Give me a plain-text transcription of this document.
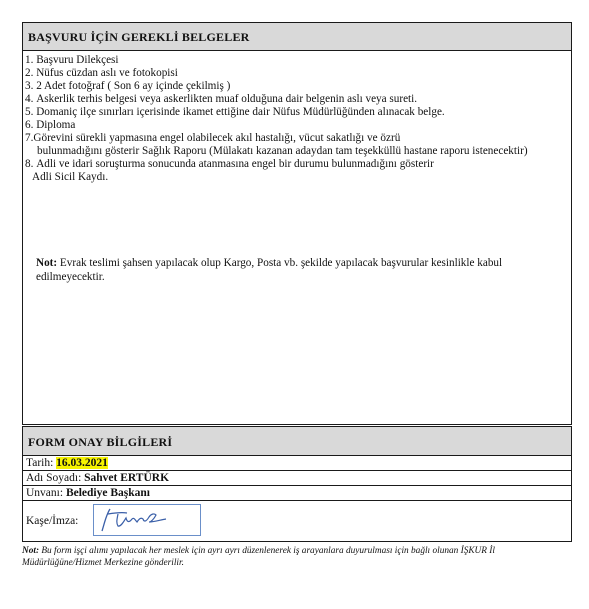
BAŞVURU İÇİN GEREKLİ BELGELER
1. Başvuru Dilekçesi
2. Nüfus cüzdan aslı ve fotokopisi
3. 2 Adet fotoğraf ( Son 6 ay içinde çekilmiş )
4. Askerlik terhis belgesi veya askerlikten muaf olduğuna dair belgenin aslı veya sureti.
5. Domaniç ilçe sınırları içerisinde ikamet ettiğine dair Nüfus Müdürlüğünden alınacak belge.
6. Diploma
7. Görevini sürekli yapmasına engel olabilecek akıl hastalığı, vücut sakatlığı ve özrü
bulunmadığını gösterir Sağlık Raporu (Mülakatı kazanan adaydan tam teşekküllü hastane raporu istenecektir)
8. Adli ve idari soruşturma sonucunda atanmasına engel bir durumu bulunmadığını gösterir
Adli Sicil Kaydı.
Not: Evrak teslimi şahsen yapılacak olup Kargo, Posta vb. şekilde yapılacak başvurular kesinlikle kabul edilmeyecektir.
FORM ONAY BİLGİLERİ
Tarih: 16.03.2021
Adı Soyadı: Sahvet ERTÜRK
Unvanı: Belediye Başkanı
Kaşe/İmza:
Not: Bu form işçi alımı yapılacak her meslek için ayrı ayrı düzenlenerek iş arayanlara duyurulması için bağlı olunan İŞKUR İl Müdürlüğüne/Hizmet Merkezine gönderilir.
